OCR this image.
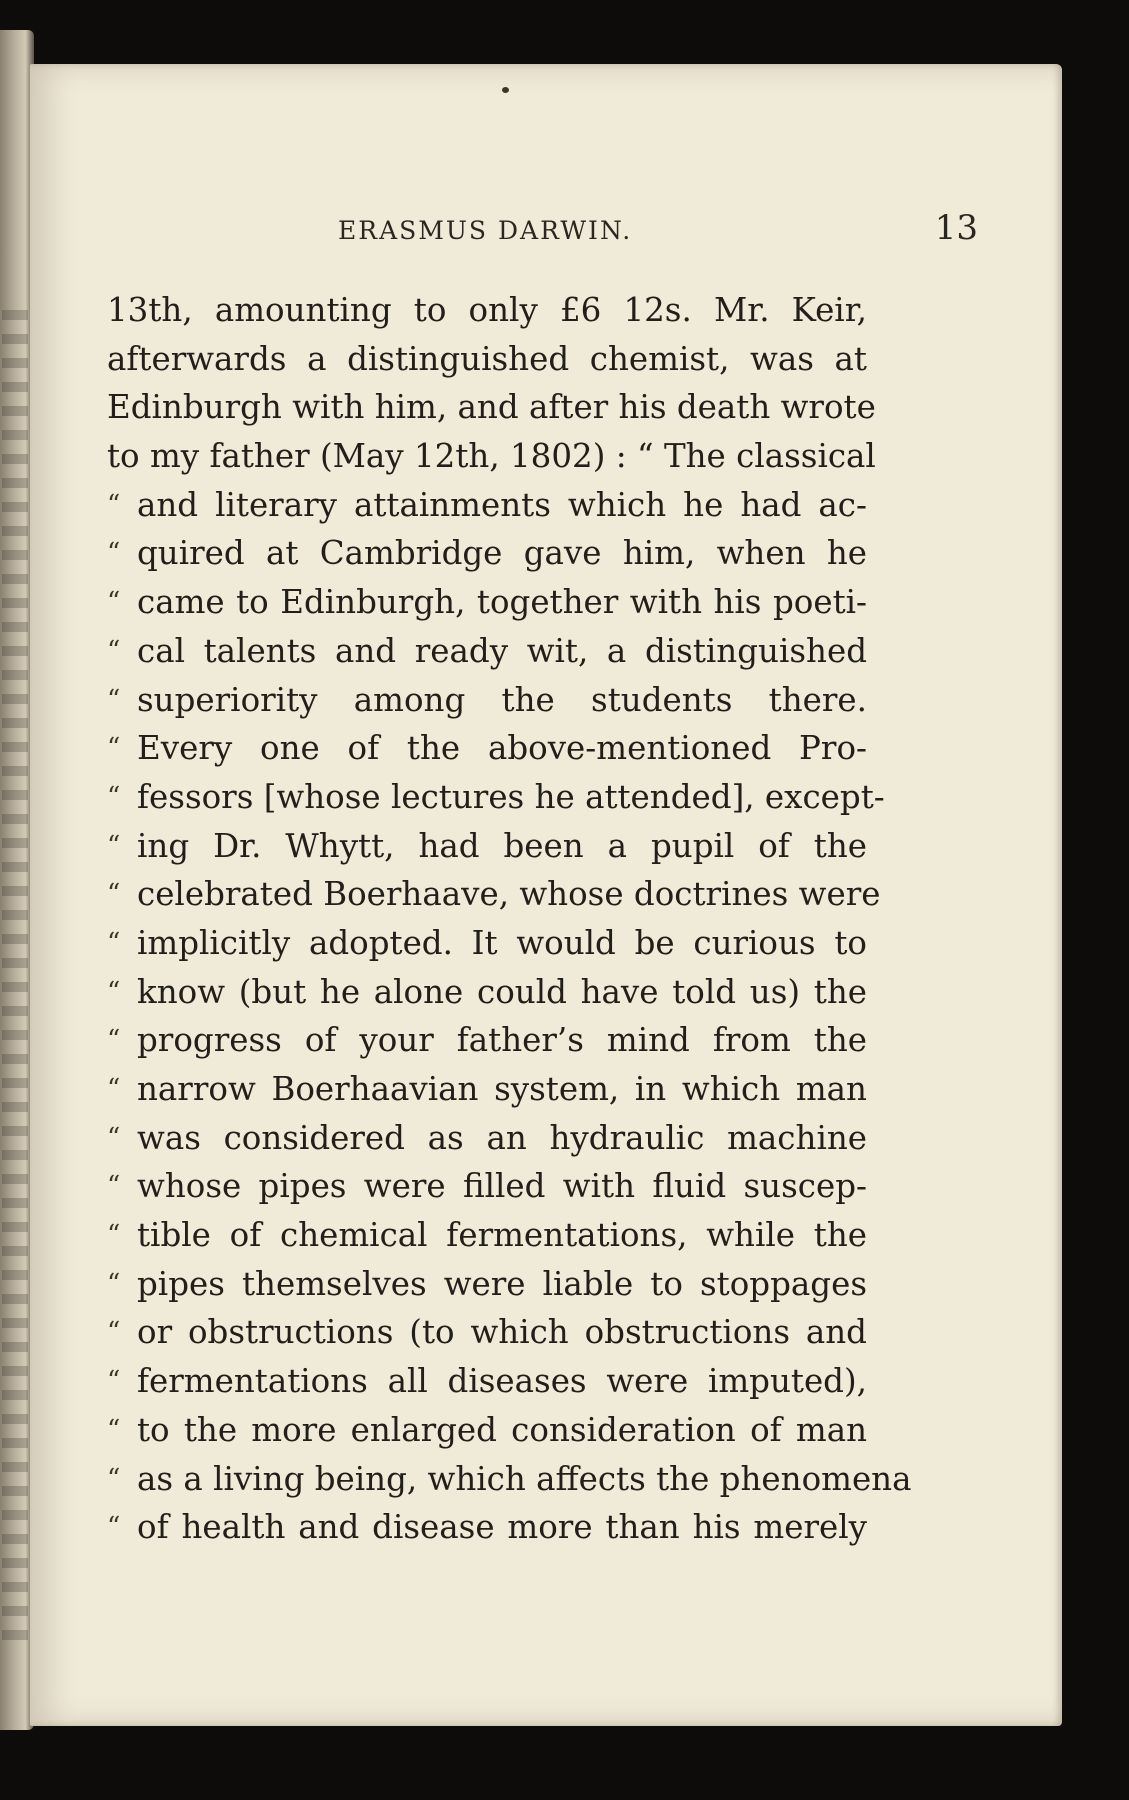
ERASMUS DARWIN.	13
13th, amounting to only £6 12s. Mr. Keir,
afterwards a distinguished chemist, was at
Edinburgh with him, and after his death wrote
to my father (May 12th, 1802) : “ The classical
“ and literary attainments which he had ac-
“ quired at Cambridge gave him, when he
“ came to Edinburgh, together with his poeti-
“ cal talents and ready wit, a distinguished
“ superiority among the students there.
“ Every one of the above-mentioned Pro-
“ fessors [whose lectures he attended], except-
“ ing Dr. Whytt, had been a pupil of the
“ celebrated Boerhaave, whose doctrines were
“ implicitly adopted. It would be curious to
“ know (but he alone could have told us) the
“ progress of your father’s mind from the
“ narrow Boerhaavian system, in which man
“ was considered as an hydraulic machine
“ whose pipes were filled with fluid suscep-
“ tible of chemical fermentations, while the
“ pipes themselves were liable to stoppages
“ or obstructions (to which obstructions and
“ fermentations all diseases were imputed),
“ to the more enlarged consideration of man
“ as a living being, which affects the phenomena
“ of health and disease more than his merely
